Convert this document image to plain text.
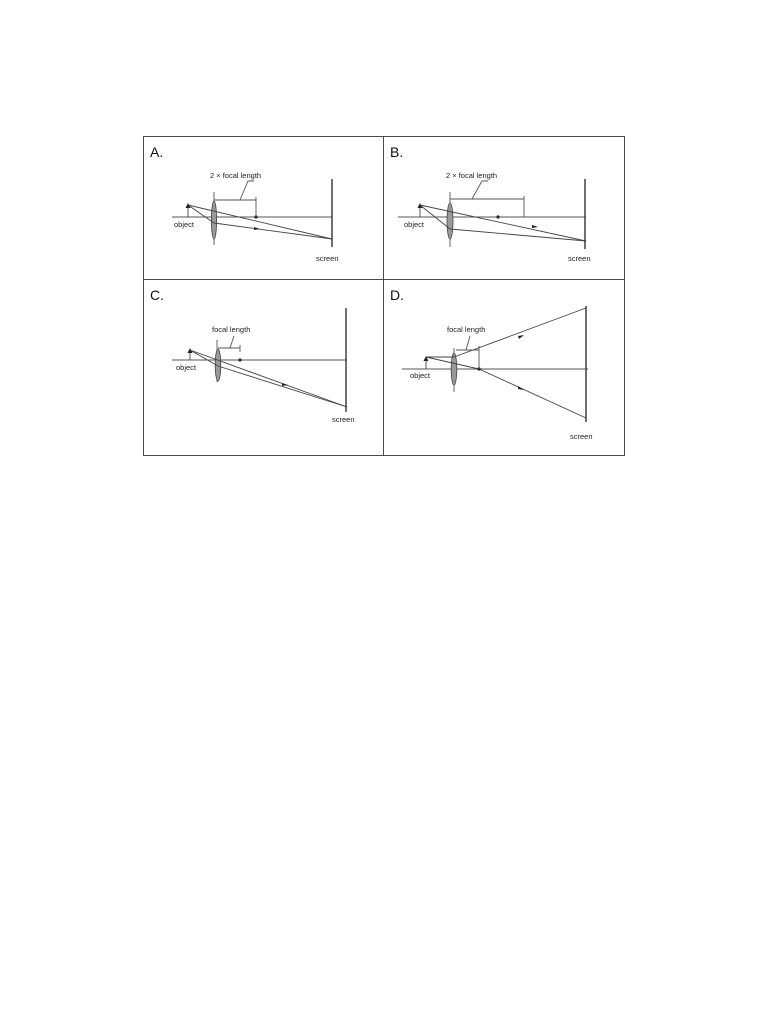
A.
2 × focal length
object
screen
B.
2 × focal length
object
screen
C.
focal length
object
screen
D.
focal length
object
screen
